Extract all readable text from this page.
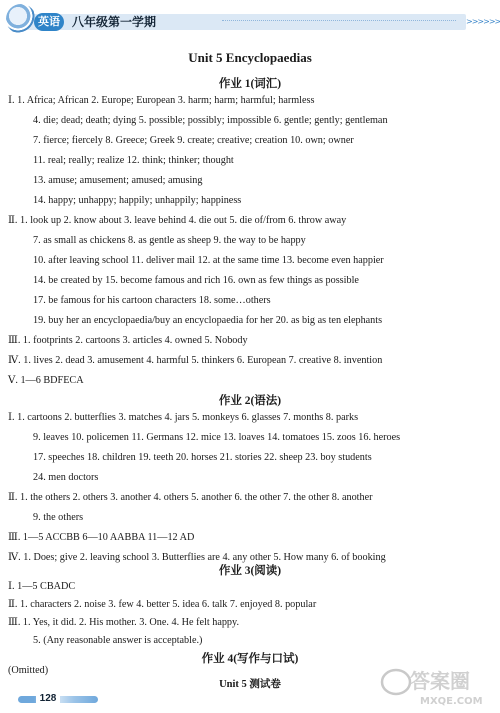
英语	八年级第一学期	>>>>>>
Unit 5 Encyclopaedias
作业 1(词汇)
Ⅰ. 1. Africa; African 2. Europe; European 3. harm; harm; harmful; harmless
4. die; dead; death; dying 5. possible; possibly; impossible 6. gentle; gently; gentleman
7. fierce; fiercely 8. Greece; Greek 9. create; creative; creation 10. own; owner
11. real; really; realize 12. think; thinker; thought
13. amuse; amusement; amused; amusing
14. happy; unhappy; happily; unhappily; happiness
Ⅱ. 1. look up 2. know about 3. leave behind 4. die out 5. die of/from 6. throw away
7. as small as chickens 8. as gentle as sheep 9. the way to be happy
10. after leaving school 11. deliver mail 12. at the same time 13. become even happier
14. be created by 15. become famous and rich 16. own as few things as possible
17. be famous for his cartoon characters 18. some…others
19. buy her an encyclopaedia/buy an encyclopaedia for her 20. as big as ten elephants
Ⅲ. 1. footprints 2. cartoons 3. articles 4. owned 5. Nobody
Ⅳ. 1. lives 2. dead 3. amusement 4. harmful 5. thinkers 6. European 7. creative 8. invention
Ⅴ. 1—6 BDFECA
作业 2(语法)
Ⅰ. 1. cartoons 2. butterflies 3. matches 4. jars 5. monkeys 6. glasses 7. months 8. parks
9. leaves 10. policemen 11. Germans 12. mice 13. loaves 14. tomatoes 15. zoos 16. heroes
17. speeches 18. children 19. teeth 20. horses 21. stories 22. sheep 23. boy students
24. men doctors
Ⅱ. 1. the others 2. others 3. another 4. others 5. another 6. the other 7. the other 8. another
9. the others
Ⅲ. 1—5 ACCBB 6—10 AABBA 11—12 AD
Ⅳ. 1. Does; give 2. leaving school 3. Butterflies are 4. any other 5. How many 6. of booking
作业 3(阅读)
Ⅰ. 1—5 CBADC
Ⅱ. 1. characters 2. noise 3. few 4. better 5. idea 6. talk 7. enjoyed 8. popular
Ⅲ. 1. Yes, it did. 2. His mother. 3. One. 4. He felt happy.
5. (Any reasonable answer is acceptable.)
作业 4(写作与口试)
(Omitted)
Unit 5 测试卷
128
答案圈
MXQE.COM
